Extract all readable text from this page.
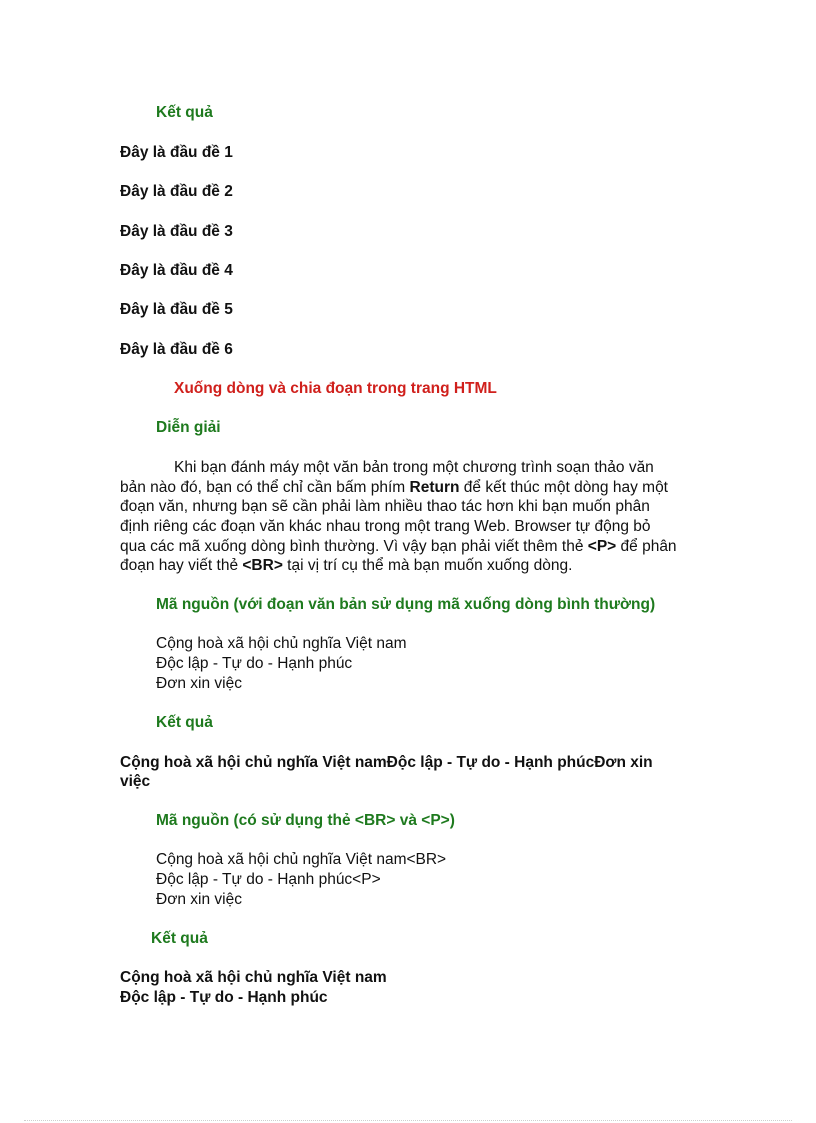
Kết quả
Đây là đầu đề 1
Đây là đầu đề 2
Đây là đầu đề 3
Đây là đầu đề 4
Đây là đầu đề 5
Đây là đầu đề 6
Xuống dòng và chia đoạn trong trang HTML
Diễn giải
Khi bạn đánh máy một văn bản trong một chương trình soạn thảo văn
bản nào đó, bạn có thể chỉ cần bấm phím Return để kết thúc một dòng hay một
đoạn văn, nhưng bạn sẽ cần phải làm nhiều thao tác hơn khi bạn muốn phân
định riêng các đoạn văn khác nhau trong một trang Web. Browser tự động bỏ
qua các mã xuống dòng bình thường. Vì vậy bạn phải viết thêm thẻ <P> để phân
đoạn hay viết thẻ <BR> tại vị trí cụ thể mà bạn muốn xuống dòng.
Mã nguồn (với đoạn văn bản sử dụng mã xuống dòng bình thường)
Cộng hoà xã hội chủ nghĩa Việt nam
Độc lập - Tự do - Hạnh phúc
Đơn xin việc
Kết quả
Cộng hoà xã hội chủ nghĩa Việt namĐộc lập - Tự do - Hạnh phúcĐơn xin
việc
Mã nguồn (có sử dụng thẻ <BR> và <P>)
Cộng hoà xã hội chủ nghĩa Việt nam<BR>
Độc lập - Tự do - Hạnh phúc<P>
Đơn xin việc
Kết quả
Cộng hoà xã hội chủ nghĩa Việt nam
Độc lập - Tự do - Hạnh phúc
